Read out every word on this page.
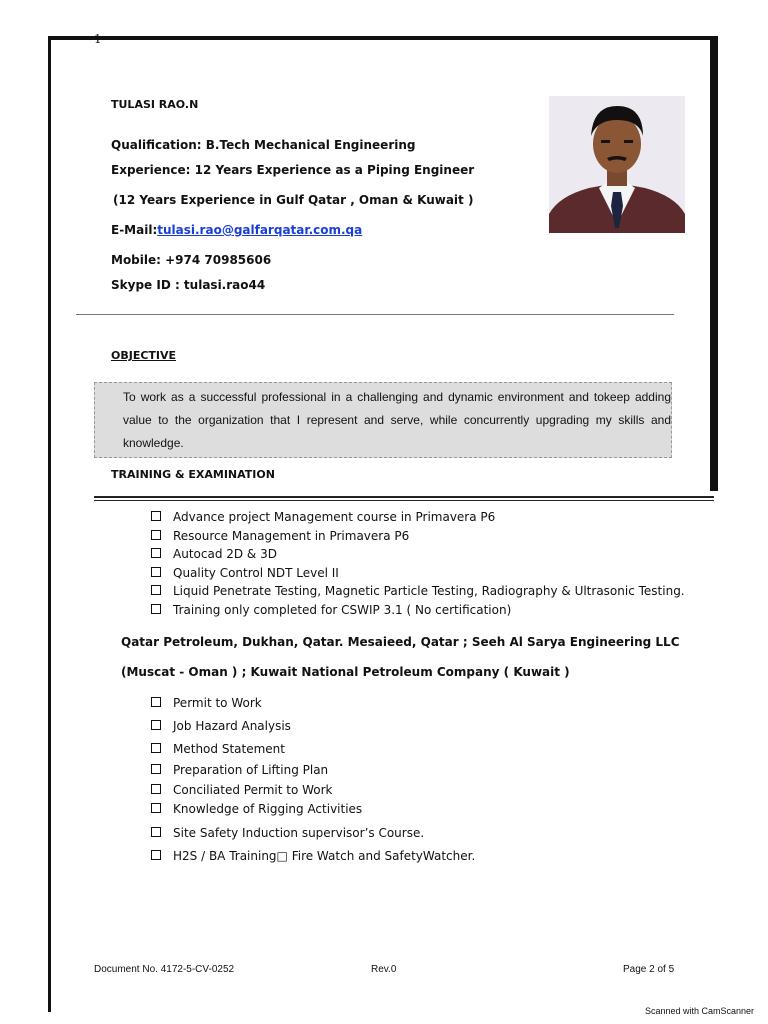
1
TULASI RAO.N
Qualification: B.Tech Mechanical Engineering
Experience: 12 Years Experience as a Piping Engineer
(12 Years Experience in Gulf Qatar , Oman & Kuwait )
E-Mail:tulasi.rao@galfarqatar.com.qa
Mobile: +974 70985606
Skype ID : tulasi.rao44
OBJECTIVE
To work as a successful professional in a challenging and dynamic environment and tokeep adding value to the organization that I represent and serve, while concurrently upgrading my skills and knowledge.
TRAINING & EXAMINATION
Advance project Management course in Primavera P6
Resource Management in Primavera P6
Autocad 2D & 3D
Quality Control NDT Level II
Liquid Penetrate Testing, Magnetic Particle Testing, Radiography & Ultrasonic Testing.
Training only completed for CSWIP 3.1 ( No certification)
Qatar Petroleum, Dukhan, Qatar. Mesaieed, Qatar ; Seeh Al Sarya Engineering LLC
(Muscat - Oman ) ; Kuwait National Petroleum Company ( Kuwait )
Permit to Work
Job Hazard Analysis
Method Statement
Preparation of Lifting Plan
Conciliated Permit to Work
Knowledge of Rigging Activities
Site Safety Induction supervisor’s Course.
H2S / BA Training□ Fire Watch and SafetyWatcher.
Document No. 4172-5-CV-0252	Rev.0	Page 2 of 5
Scanned with CamScanner
